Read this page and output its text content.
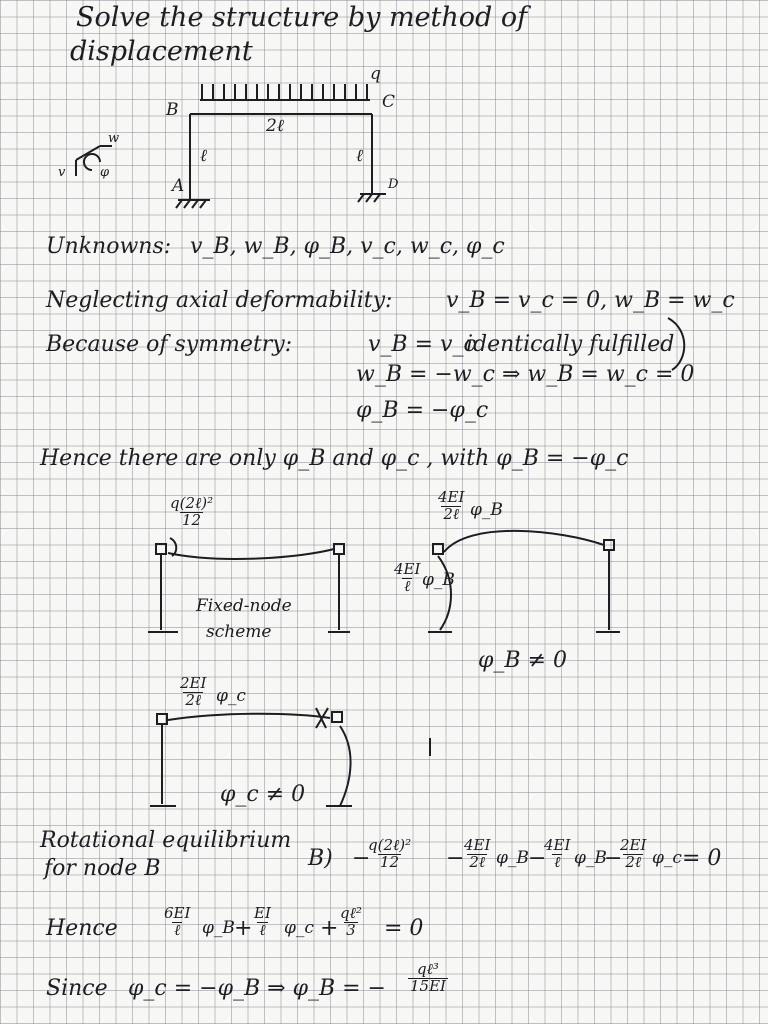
Solve the structure by method of
displacement
q
B	C
A	D
2ℓ
ℓ	ℓ
w
v	φ
Unknowns: v_B, w_B, φ_B, v_c, w_c, φ_c
Neglecting axial deformability: v_B = v_c = 0, w_B = w_c
Because of symmetry:	v_B = v_c
identically fulfilled
w_B = −w_c ⇒ w_B = w_c = 0
φ_B = −φ_c
Hence there are only φ_B and φ_c , with φ_B = −φ_c
q(2ℓ)²
12
Fixed-node
scheme
4EI
2ℓ φ_B
4EI
ℓ φ_B
φ_B ≠ 0
2EI
2ℓ φ_c
φ_c ≠ 0
Rotational equilibrium
for node B	B) −
q(2ℓ)²
12 −
4EI
2ℓ φ_B −
4EI
ℓ φ_B
−
2EI
2ℓ φ_c = 0
Hence
6EI
ℓ φ_B +
EI
ℓ φ_c +
qℓ²
3 = 0
Since φ_c = −φ_B ⇒ φ_B = −
qℓ³
15EI
